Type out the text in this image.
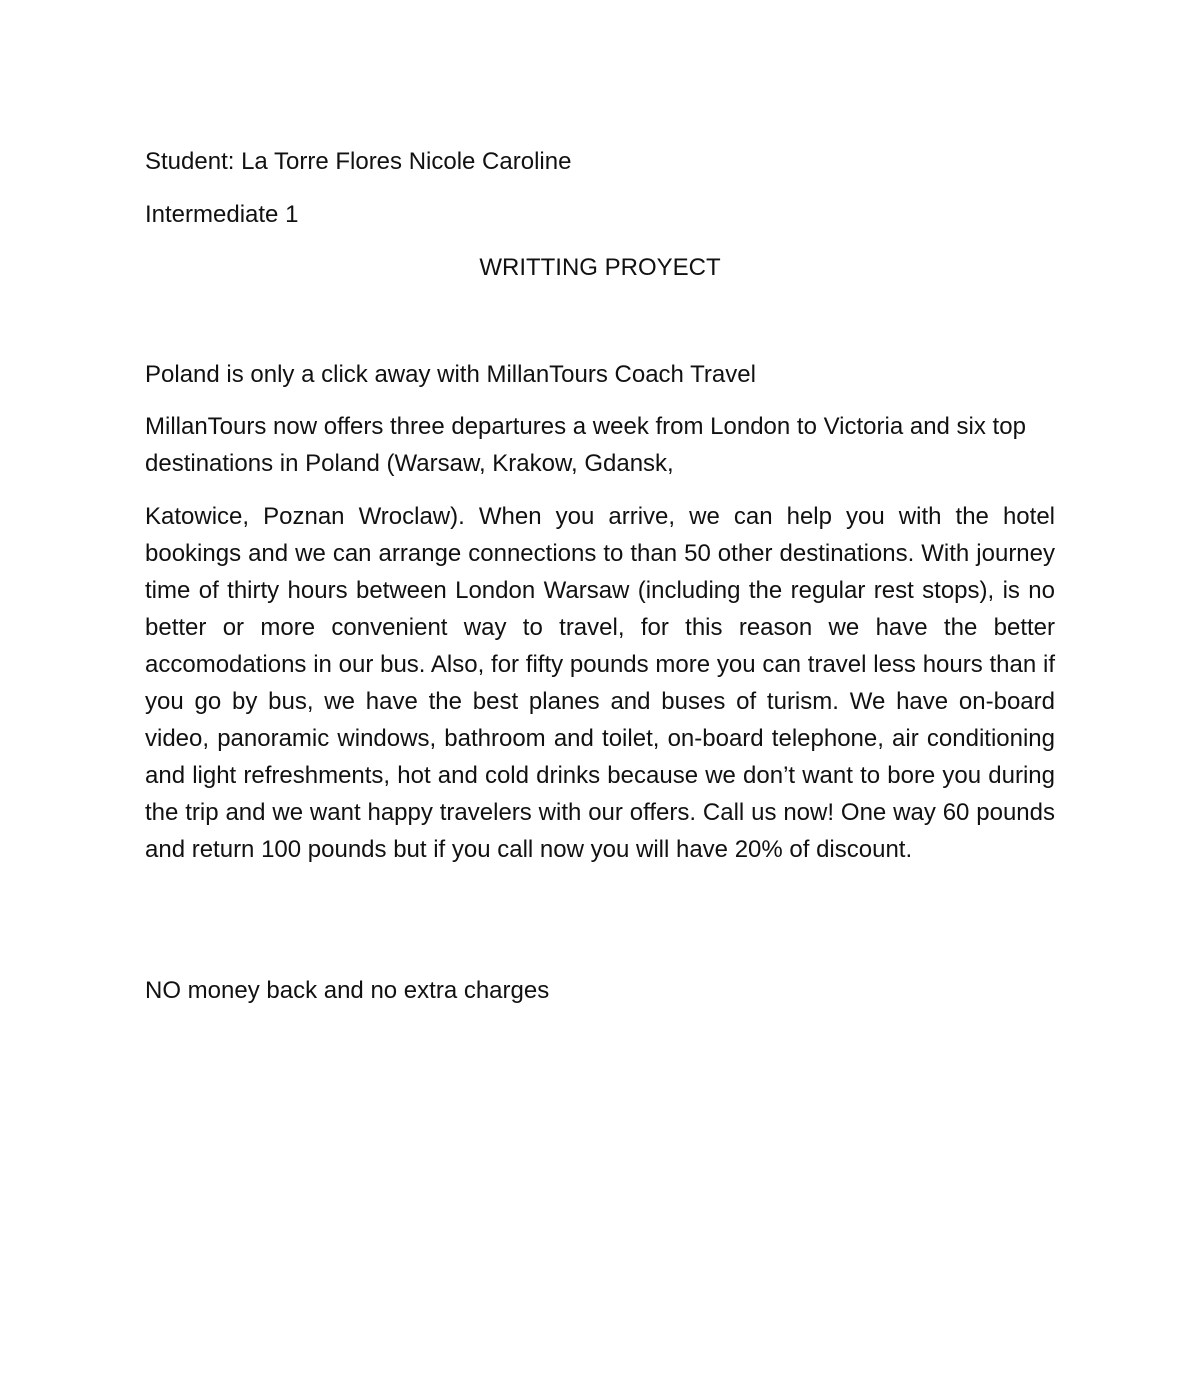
Student: La Torre Flores Nicole Caroline
Intermediate 1
WRITTING PROYECT
Poland is only a click away with MillanTours Coach Travel
MillanTours now offers three departures a week from London to Victoria and six top destinations in Poland (Warsaw, Krakow, Gdansk,
Katowice, Poznan Wroclaw). When you arrive, we can help you with the hotel bookings and we can arrange connections to than 50 other destinations. With journey time of thirty hours between London Warsaw (including the regular rest stops), is no better or more convenient way to travel, for this reason we have the better accomodations in our bus. Also, for fifty pounds more you can travel less hours than if you go by bus, we have the best planes and buses of turism. We have on-board video, panoramic windows, bathroom and toilet, on-board telephone, air conditioning and light refreshments, hot and cold drinks because we don’t want to bore you during the trip and we want happy travelers with our offers. Call us now! One way 60 pounds and return 100 pounds but if you call now you will have 20% of discount.
NO money back and no extra charges
